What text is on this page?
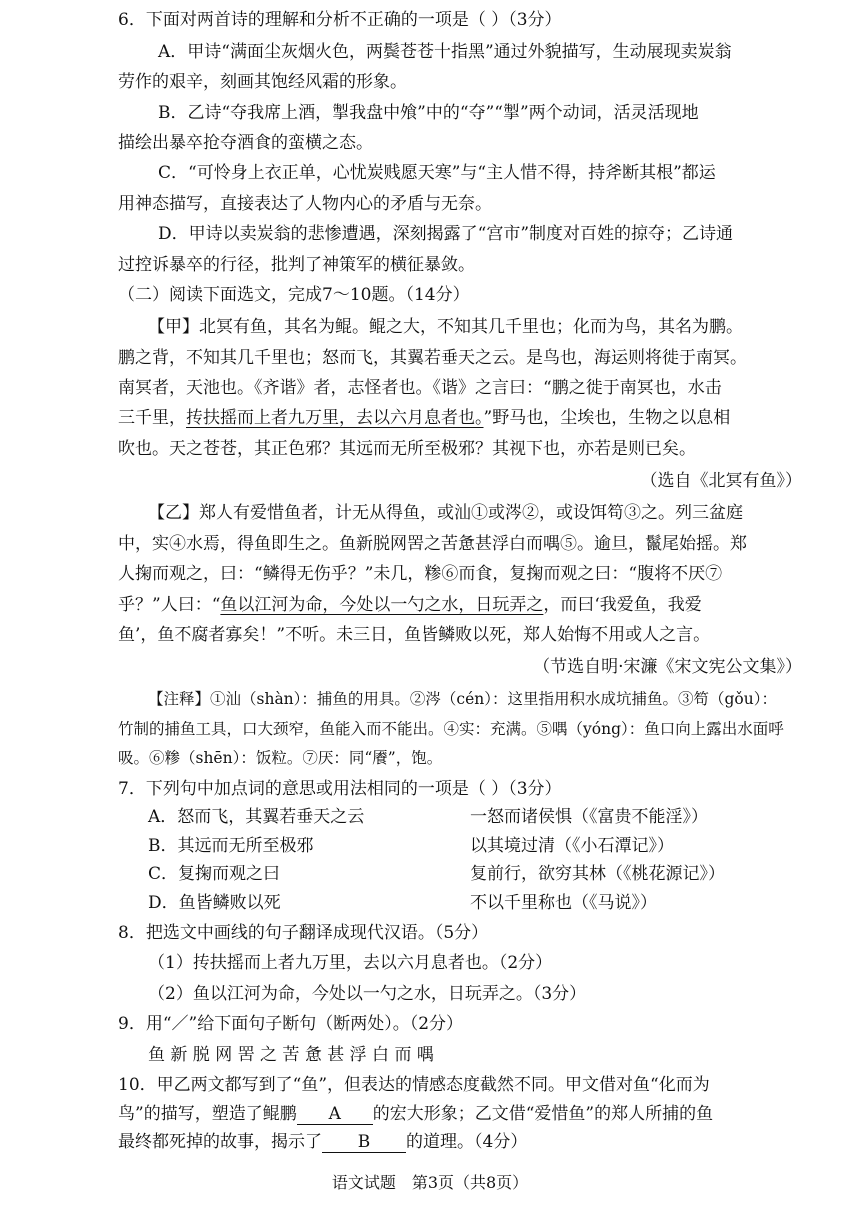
6．下面对两首诗的理解和分析不正确的一项是（ ）（3分）
A．甲诗“满面尘灰烟火色，两鬓苍苍十指黑”通过外貌描写，生动展现卖炭翁
劳作的艰辛，刻画其饱经风霜的形象。
B．乙诗“夺我席上酒，掣我盘中飧”中的“夺”“掣”两个动词，活灵活现地
描绘出暴卒抢夺酒食的蛮横之态。
C．“可怜身上衣正单，心忧炭贱愿天寒”与“主人惜不得，持斧断其根”都运
用神态描写，直接表达了人物内心的矛盾与无奈。
D．甲诗以卖炭翁的悲惨遭遇，深刻揭露了“宫市”制度对百姓的掠夺；乙诗通
过控诉暴卒的行径，批判了神策军的横征暴敛。
（二）阅读下面选文，完成7～10题。（14分）
【甲】北冥有鱼，其名为鲲。鲲之大，不知其几千里也；化而为鸟，其名为鹏。
鹏之背，不知其几千里也；怒而飞，其翼若垂天之云。是鸟也，海运则将徙于南冥。
南冥者，天池也。《齐谐》者，志怪者也。《谐》之言曰：“鹏之徙于南冥也，水击
三千里，抟扶摇而上者九万里，去以六月息者也。”野马也，尘埃也，生物之以息相
吹也。天之苍苍，其正色邪？其远而无所至极邪？其视下也，亦若是则已矣。
（选自《北冥有鱼》）
【乙】郑人有爱惜鱼者，计无从得鱼，或汕①或涔②，或设饵笱③之。列三盆庭
中，实④水焉，得鱼即生之。鱼新脱网罟之苦惫甚浮白而喁⑤。逾旦，鬣尾始摇。郑
人掬而观之，曰：“鳞得无伤乎？”未几，糁⑥而食，复掬而观之曰：“腹将不厌⑦
乎？”人曰：“鱼以江河为命，今处以一勺之水，日玩弄之，而曰‘我爱鱼，我爱
鱼’，鱼不腐者寡矣！”不听。未三日，鱼皆鳞败以死，郑人始悔不用或人之言。
（节选自明·宋濂《宋文宪公文集》）
【注释】①汕（shàn）：捕鱼的用具。②涔（cén）：这里指用积水成坑捕鱼。③笱（gǒu）：
竹制的捕鱼工具，口大颈窄，鱼能入而不能出。④实：充满。⑤喁（yóng）：鱼口向上露出水面呼
吸。⑥糁（shēn）：饭粒。⑦厌：同“餍”，饱。
7．下列句中加点词的意思或用法相同的一项是（ ）（3分）
A．怒而飞，其翼若垂天之云	一怒而诸侯惧（《富贵不能淫》）
B．其远而无所至极邪	以其境过清（《小石潭记》）
C．复掬而观之曰	复前行，欲穷其林（《桃花源记》）
D．鱼皆鳞败以死	不以千里称也（《马说》）
8．把选文中画线的句子翻译成现代汉语。（5分）
（1）抟扶摇而上者九万里，去以六月息者也。（2分）
（2）鱼以江河为命，今处以一勺之水，日玩弄之。（3分）
9．用“／”给下面句子断句（断两处）。（2分）
鱼 新 脱 网 罟 之 苦 惫 甚 浮 白 而 喁
10．甲乙两文都写到了“鱼”，但表达的情感态度截然不同。甲文借对鱼“化而为
鸟”的描写，塑造了鲲鹏 A 的宏大形象；乙文借“爱惜鱼”的郑人所捕的鱼
最终都死掉的故事，揭示了 B 的道理。（4分）
语文试题　第3页（共8页）
